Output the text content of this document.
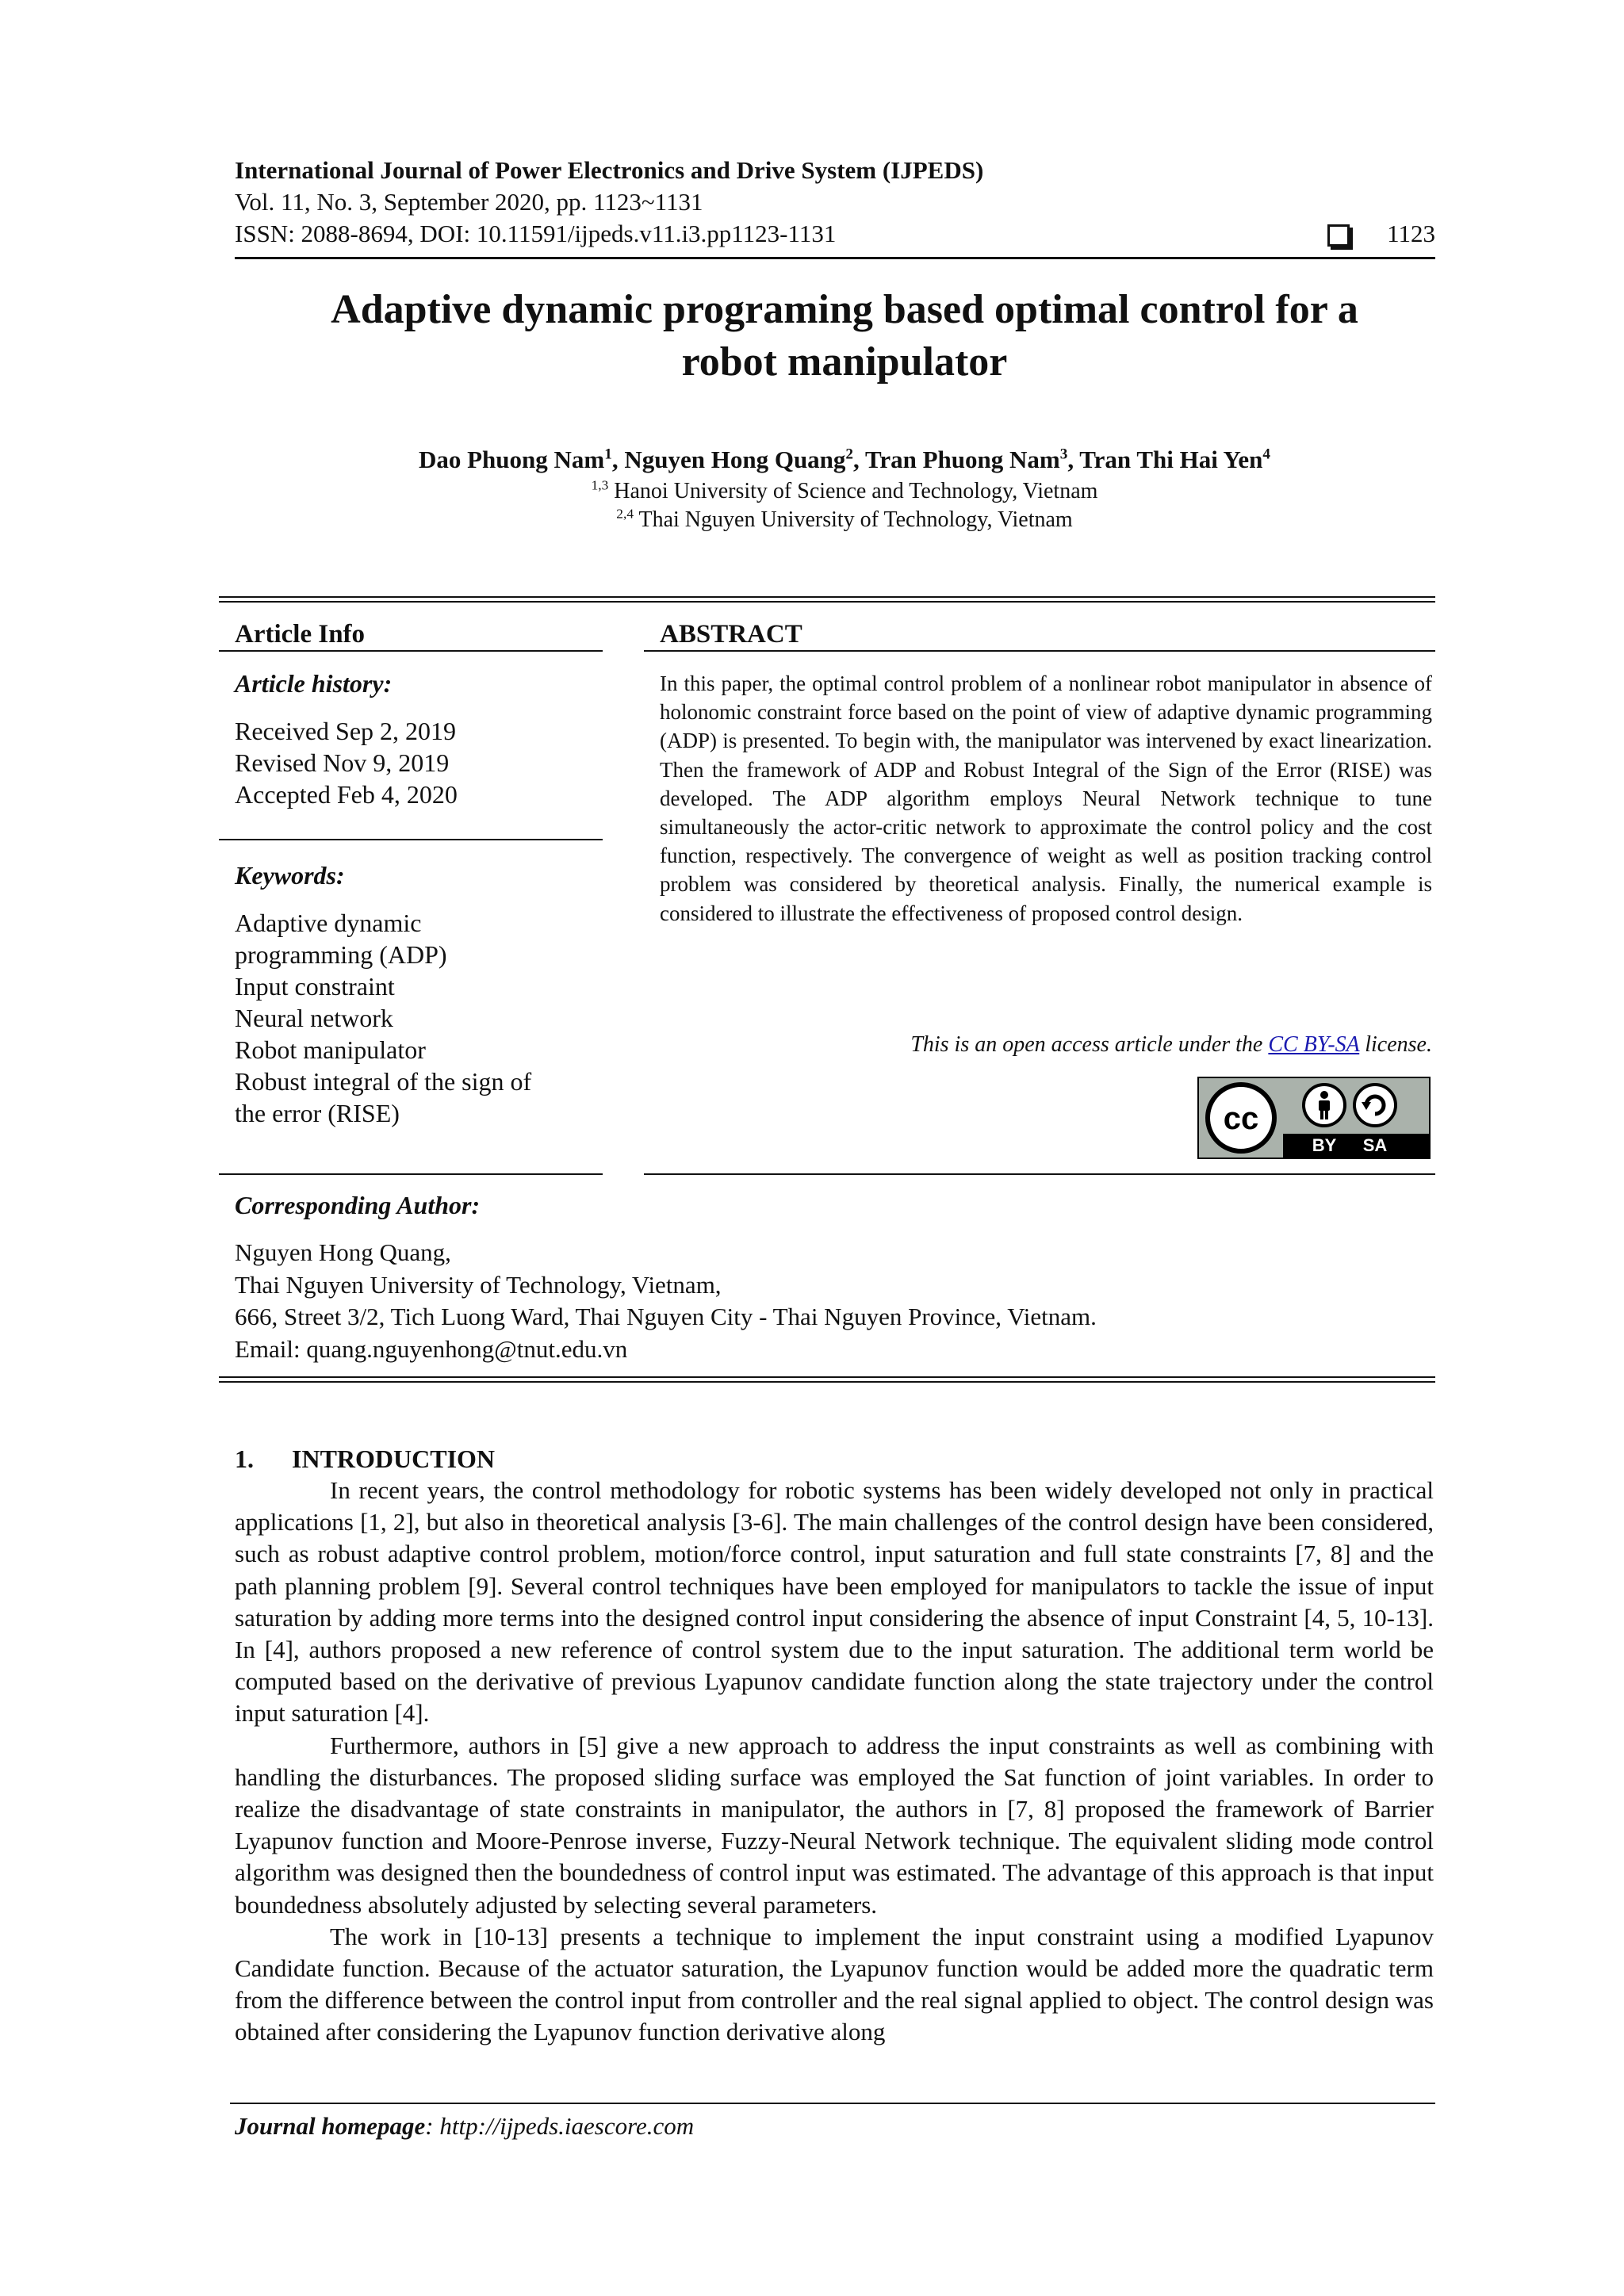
International Journal of Power Electronics and Drive System (IJPEDS)
Vol. 11, No. 3, September 2020, pp. 1123~1131
ISSN: 2088-8694, DOI: 10.11591/ijpeds.v11.i3.pp1123-1131	1123
Adaptive dynamic programing based optimal control for a
robot manipulator
Dao Phuong Nam$^1$, Nguyen Hong Quang$^2$, Tran Phuong Nam$^3$, Tran Thi Hai Yen$^4$
$^{1,3}$ Hanoi University of Science and Technology, Vietnam
$^{2,4}$ Thai Nguyen University of Technology, Vietnam
Article Info
Article history:
Received Sep 2, 2019
Revised Nov 9, 2019
Accepted Feb 4, 2020
Keywords:
Adaptive dynamic
programming (ADP)
Input constraint
Neural network
Robot manipulator
Robust integral of the sign of
the error (RISE)
ABSTRACT
In this paper, the optimal control problem of a nonlinear robot manipulator in absence of holonomic constraint force based on the point of view of adaptive dynamic programming (ADP) is presented. To begin with, the manipulator was intervened by exact linearization. Then the framework of ADP and Robust Integral of the Sign of the Error (RISE) was developed. The ADP algorithm employs Neural Network technique to tune simultaneously the actor-critic network to approximate the control policy and the cost function, respectively. The convergence of weight as well as position tracking control problem was considered by theoretical analysis. Finally, the numerical example is considered to illustrate the effectiveness of proposed control design.
This is an open access article under the CC BY-SA license.
cc
BY SA
Corresponding Author:
Nguyen Hong Quang,
Thai Nguyen University of Technology, Vietnam,
666, Street 3/2, Tich Luong Ward, Thai Nguyen City - Thai Nguyen Province, Vietnam.
Email: quang.nguyenhong@tnut.edu.vn
1. INTRODUCTION

In recent years, the control methodology for robotic systems has been widely developed not only in practical applications [1, 2], but also in theoretical analysis [3-6]. The main challenges of the control design have been considered, such as robust adaptive control problem, motion/force control, input saturation and full state constraints [7, 8] and the path planning problem [9]. Several control techniques have been employed for manipulators to tackle the issue of input saturation by adding more terms into the designed control input considering the absence of input Constraint [4, 5, 10-13]. In [4], authors proposed a new reference of control system due to the input saturation. The additional term world be computed based on the derivative of previous Lyapunov candidate function along the state trajectory under the control input saturation [4].

Furthermore, authors in [5] give a new approach to address the input constraints as well as combining with handling the disturbances. The proposed sliding surface was employed the Sat function of joint variables. In order to realize the disadvantage of state constraints in manipulator, the authors in [7, 8] proposed the framework of Barrier Lyapunov function and Moore-Penrose inverse, Fuzzy-Neural Network technique. The equivalent sliding mode control algorithm was designed then the boundedness of control input was estimated. The advantage of this approach is that input boundedness absolutely adjusted by selecting several parameters.

The work in [10-13] presents a technique to implement the input constraint using a modified Lyapunov Candidate function. Because of the actuator saturation, the Lyapunov function would be added more the quadratic term from the difference between the control input from controller and the real signal applied to object. The control design was obtained after considering the Lyapunov function derivative along

Journal homepage: http://ijpeds.iaescore.com
